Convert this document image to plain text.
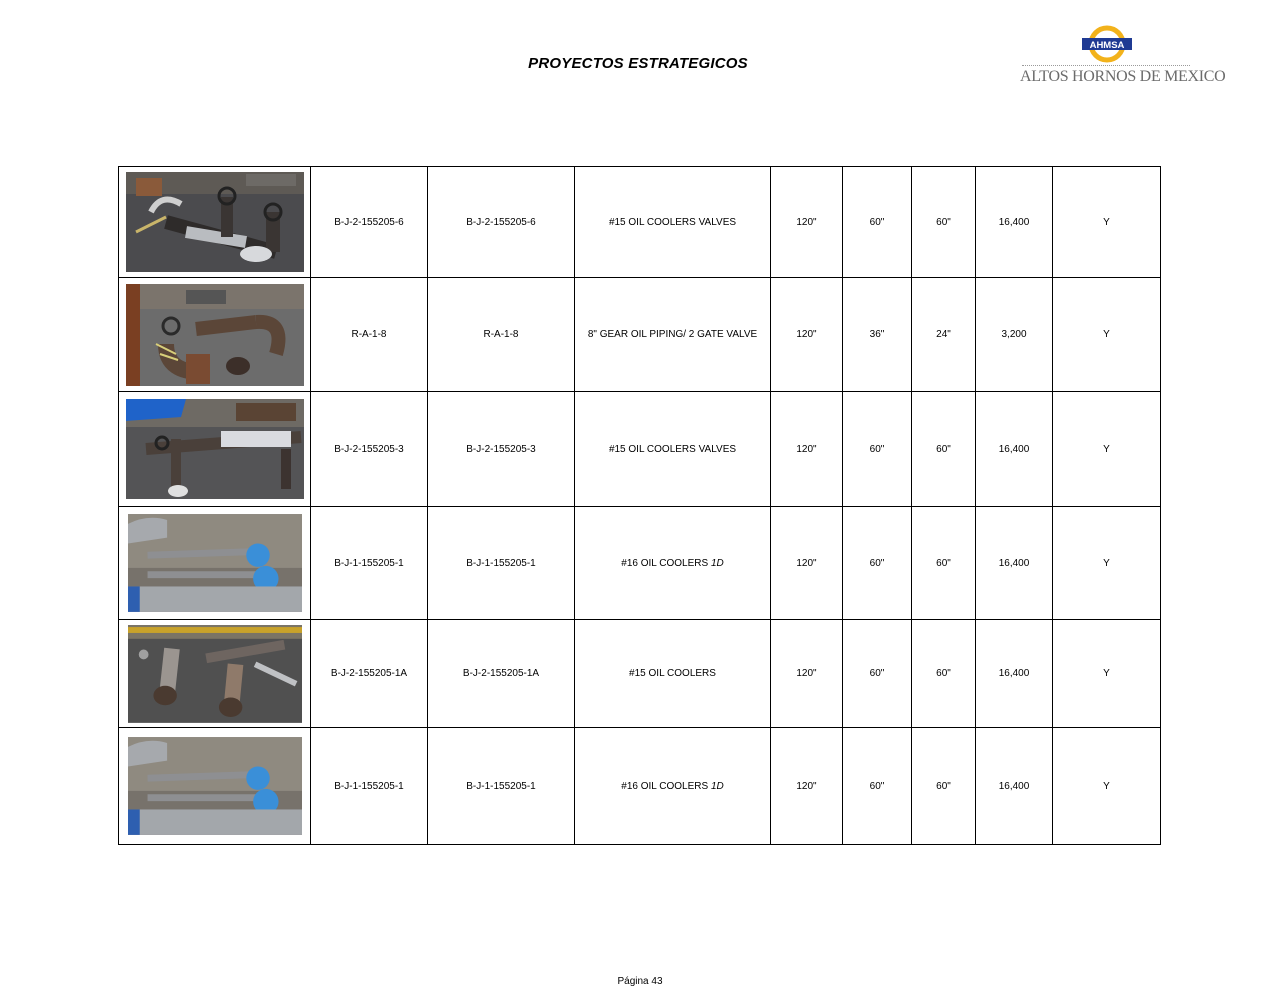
PROYECTOS ESTRATEGICOS
AHMSA
ALTOS HORNOS DE MEXICO
	B-J-2-155205-6	B-J-2-155205-6	#15 OIL COOLERS VALVES	120"	60"	60"	16,400	Y

	R-A-1-8	R-A-1-8	8" GEAR OIL PIPING/ 2 GATE VALVE	120"	36"	24"	3,200	Y

	B-J-2-155205-3	B-J-2-155205-3	#15 OIL COOLERS VALVES	120"	60"	60"	16,400	Y

	B-J-1-155205-1	B-J-1-155205-1	#16 OIL COOLERS 1D	120"	60"	60"	16,400	Y

	B-J-2-155205-1A	B-J-2-155205-1A	#15 OIL COOLERS	120"	60"	60"	16,400	Y

	B-J-1-155205-1	B-J-1-155205-1	#16 OIL COOLERS 1D	120"	60"	60"	16,400	Y
Página 43
